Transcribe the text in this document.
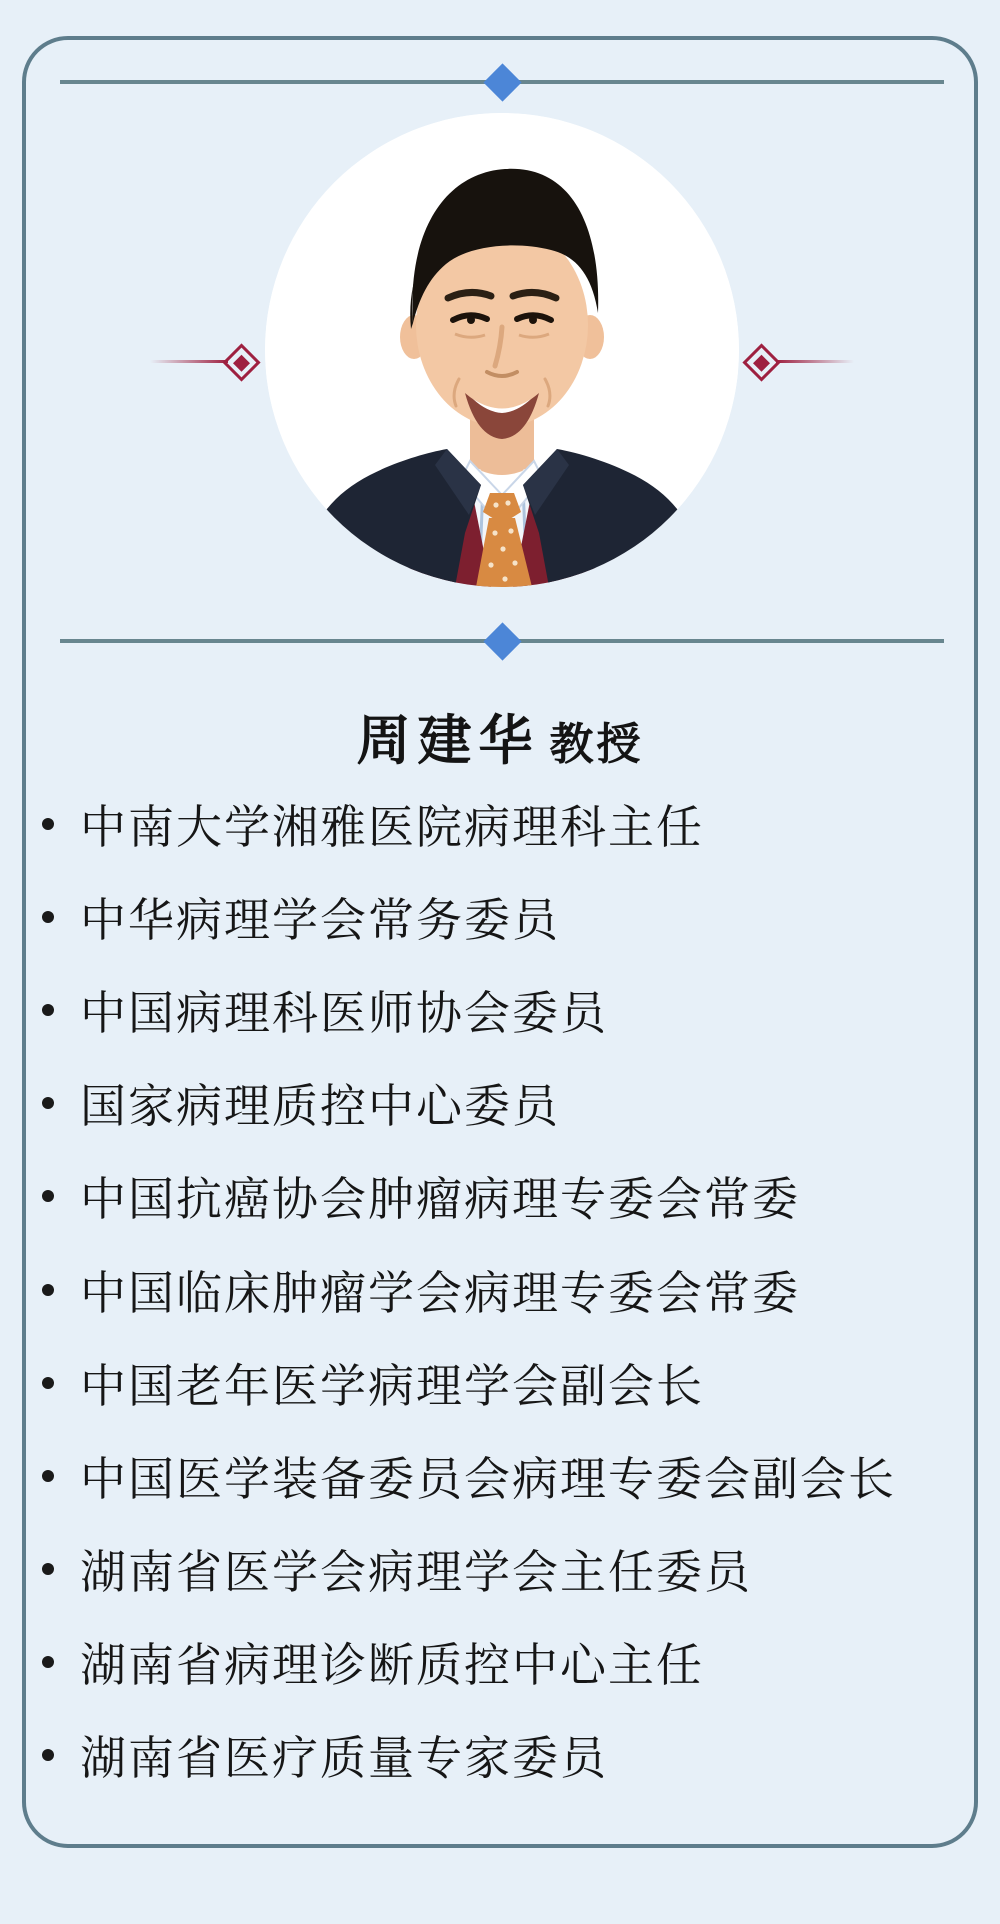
周建华 教授
中南大学湘雅医院病理科主任
中华病理学会常务委员
中国病理科医师协会委员
国家病理质控中心委员
中国抗癌协会肿瘤病理专委会常委
中国临床肿瘤学会病理专委会常委
中国老年医学病理学会副会长
中国医学装备委员会病理专委会副会长
湖南省医学会病理学会主任委员
湖南省病理诊断质控中心主任
湖南省医疗质量专家委员
